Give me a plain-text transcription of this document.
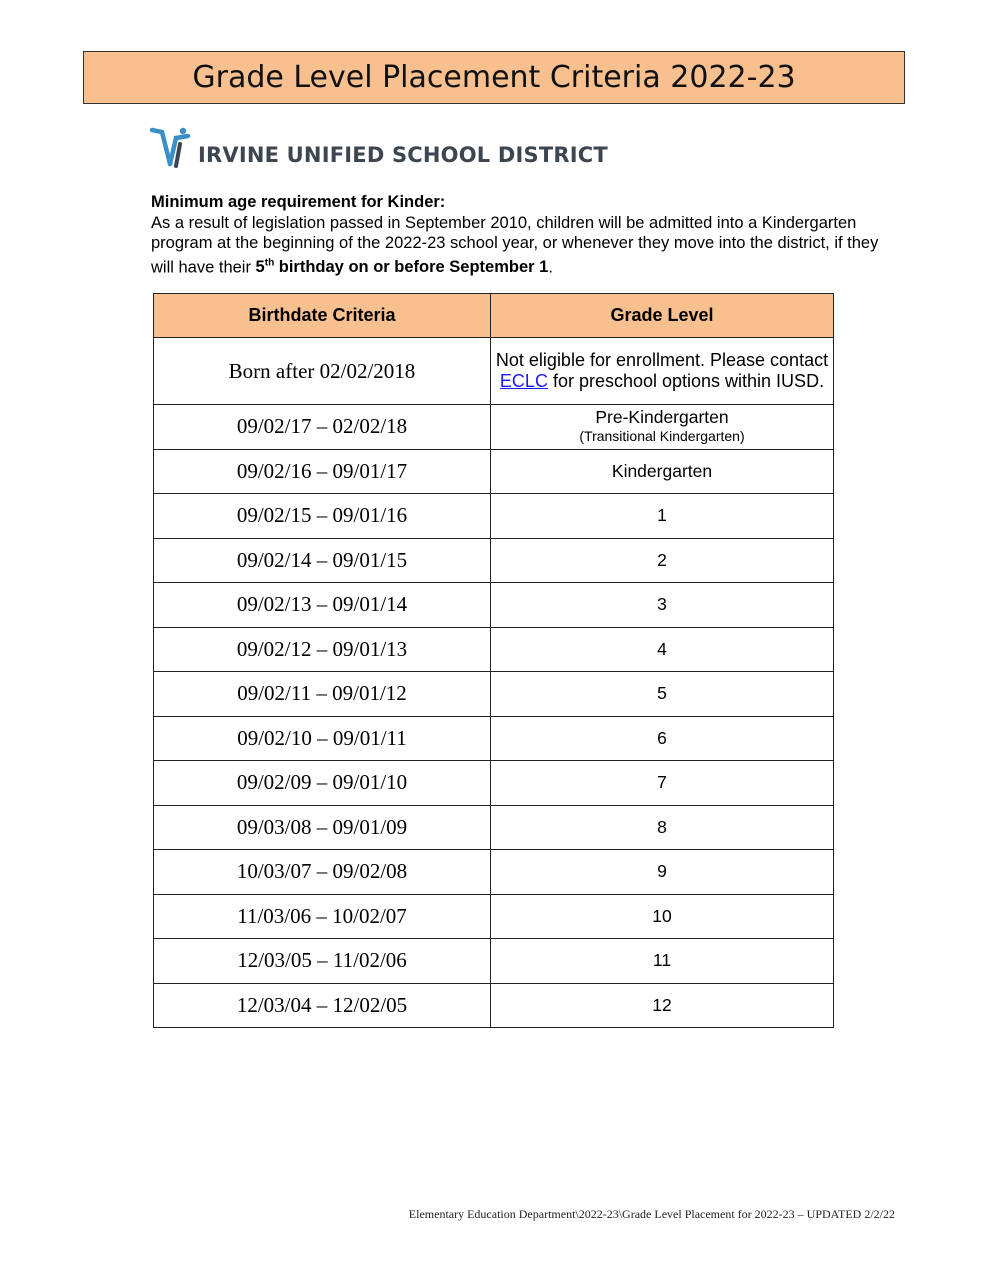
Grade Level Placement Criteria 2022-23
IRVINE UNIFIED SCHOOL DISTRICT
Minimum age requirement for Kinder:
As a result of legislation passed in September 2010, children will be admitted into a Kindergarten program at the beginning of the 2022-23 school year, or whenever they move into the district, if they will have their 5th birthday on or before September 1.
Birthdate Criteria	Grade Level
Born after 02/02/2018	Not eligible for enrollment. Please contact ECLC for preschool options within IUSD.
09/02/17 – 02/02/18	Pre-Kindergarten
(Transitional Kindergarten)

09/02/16 – 09/01/17	Kindergarten
09/02/15 – 09/01/16	1
09/02/14 – 09/01/15	2
09/02/13 – 09/01/14	3
09/02/12 – 09/01/13	4
09/02/11 – 09/01/12	5
09/02/10 – 09/01/11	6
09/02/09 – 09/01/10	7
09/03/08 – 09/01/09	8
10/03/07 – 09/02/08	9
11/03/06 – 10/02/07	10
12/03/05 – 11/02/06	11
12/03/04 – 12/02/05	12
Elementary Education Department\2022-23\Grade Level Placement for 2022-23 – UPDATED 2/2/22
